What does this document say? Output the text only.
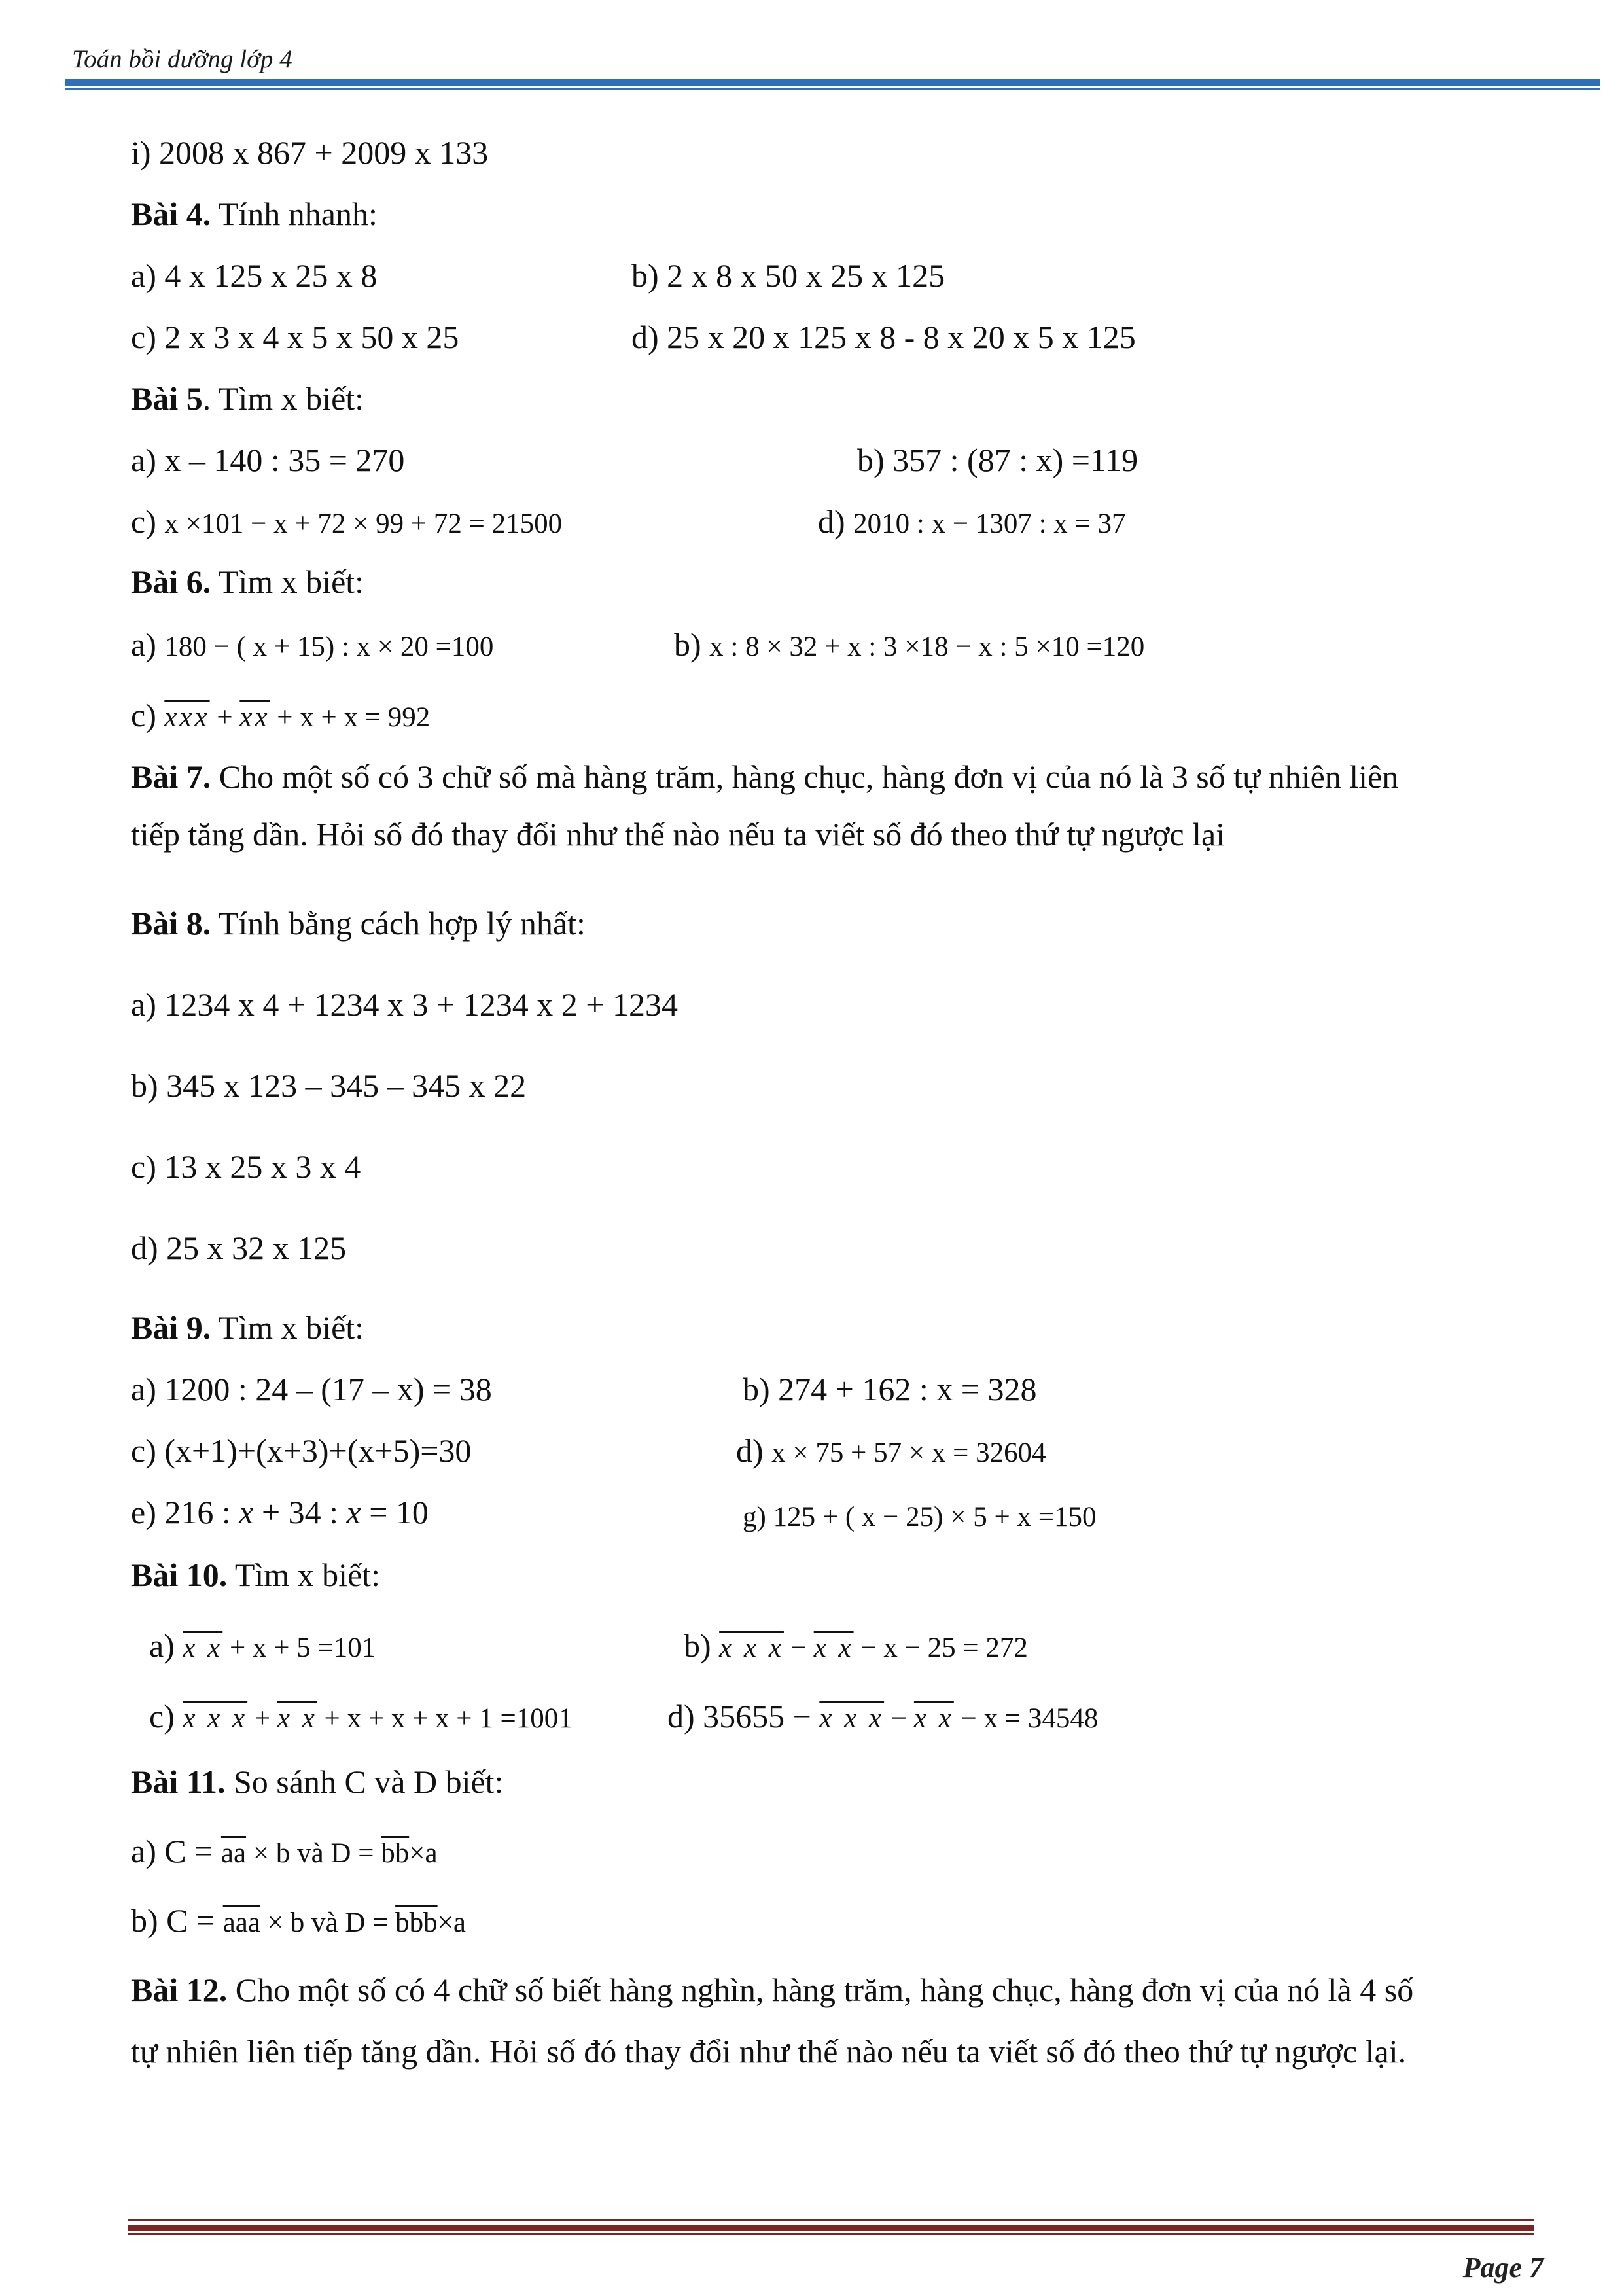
Toán bồi dưỡng lớp 4
i) 2008 x 867 + 2009 x 133
Bài 4. Tính nhanh:
a) 4 x 125 x 25 x 8	b) 2 x 8 x 50 x 25 x 125
c) 2 x 3 x 4 x 5 x 50 x 25	d) 25 x 20 x 125 x 8 - 8 x 20 x 5 x 125
Bài 5. Tìm x biết:
a) x – 140 : 35 = 270	b) 357 : (87 : x) =119
c) x ×101 − x + 72 × 99 + 72 = 21500	d) 2010 : x − 1307 : x = 37
Bài 6. Tìm x biết:
a) 180 − ( x + 15) : x × 20 =100	b) x : 8 × 32 + x : 3 ×18 − x : 5 ×10 =120
c) $\overline{xxx} + \overline{xx} + x + x = 992$
Bài 7. Cho một số có 3 chữ số mà hàng trăm, hàng chục, hàng đơn vị của nó là 3 số tự nhiên liên
tiếp tăng dần. Hỏi số đó thay đổi như thế nào nếu ta viết số đó theo thứ tự ngược lại
Bài 8. Tính bằng cách hợp lý nhất:
a) 1234 x 4 + 1234 x 3 + 1234 x 2 + 1234
b) 345 x 123 – 345 – 345 x 22
c) 13 x 25 x 3 x 4
d) 25 x 32 x 125
Bài 9. Tìm x biết:
a) 1200 : 24 – (17 – x) = 38	b) 274 + 162 : x = 328
c) (x+1)+(x+3)+(x+5)=30	d) x × 75 + 57 × x = 32604
e) 216 : x + 34 : x = 10	g) 125 + ( x − 25) × 5 + x =150
Bài 10. Tìm x biết:
a) x x + x + 5 =101	b) x x x − x x − x − 25 = 272
c) x x x + x x + x + x + x + 1 =1001	d) 35655 − x x x − x x − x = 34548
Bài 11. So sánh C và D biết:
a) $C = \overline{aa} \times b$ và $D = \overline{bb}\times a$
b) $C = \overline{aaa} \times b$ và $D = \overline{bbb}\times a$
Bài 12. Cho một số có 4 chữ số biết hàng nghìn, hàng trăm, hàng chục, hàng đơn vị của nó là 4 số
tự nhiên liên tiếp tăng dần. Hỏi số đó thay đổi như thế nào nếu ta viết số đó theo thứ tự ngược lại.
Page 7
